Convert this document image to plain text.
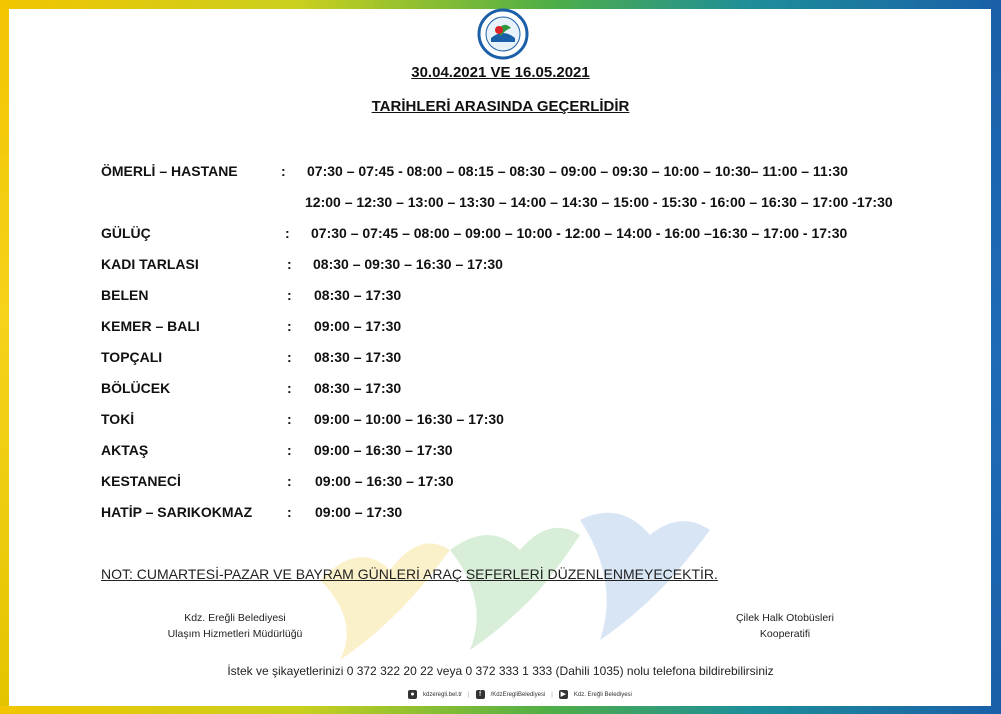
30.04.2021 VE 16.05.2021
TARİHLERİ ARASINDA GEÇERLİDİR
ÖMERLİ – HASTANE	: 07:30 – 07:45 - 08:00 – 08:15 – 08:30 – 09:00 – 09:30 – 10:00 – 10:30– 11:00 – 11:30
12:00 – 12:30 – 13:00 – 13:30 – 14:00 – 14:30 – 15:00 - 15:30 - 16:00 – 16:30 – 17:00 -17:30
GÜLÜÇ	: 07:30 – 07:45 – 08:00 – 09:00 – 10:00 - 12:00 – 14:00 - 16:00 –16:30 – 17:00 - 17:30
KADI TARLASI	: 08:30 – 09:30 – 16:30 – 17:30
BELEN	: 08:30 – 17:30
KEMER – BALI	: 09:00 – 17:30
TOPÇALI	: 08:30 – 17:30
BÖLÜCEK	: 08:30 – 17:30
TOKİ	: 09:00 – 10:00 – 16:30 – 17:30
AKTAŞ	: 09:00 – 16:30 – 17:30
KESTANECİ	: 09:00 – 16:30 – 17:30
HATİP – SARIKOKMAZ : 09:00 – 17:30
NOT: CUMARTESİ-PAZAR VE BAYRAM GÜNLERİ ARAÇ SEFERLERİ DÜZENLENMEYECEKTİR.
Kdz. Ereğli Belediyesi
Ulaşım Hizmetleri Müdürlüğü
Çilek Halk Otobüsleri
Kooperatifi
İstek ve şikayetlerinizi 0 372 322 20 22 veya 0 372 333 1 333 (Dahili 1035) nolu telefona bildirebilirsiniz
●	kdzeregli.bel.tr |	f	/KdzEregliBelediyesi | ▶	Kdz. Ereğli Belediyesi
